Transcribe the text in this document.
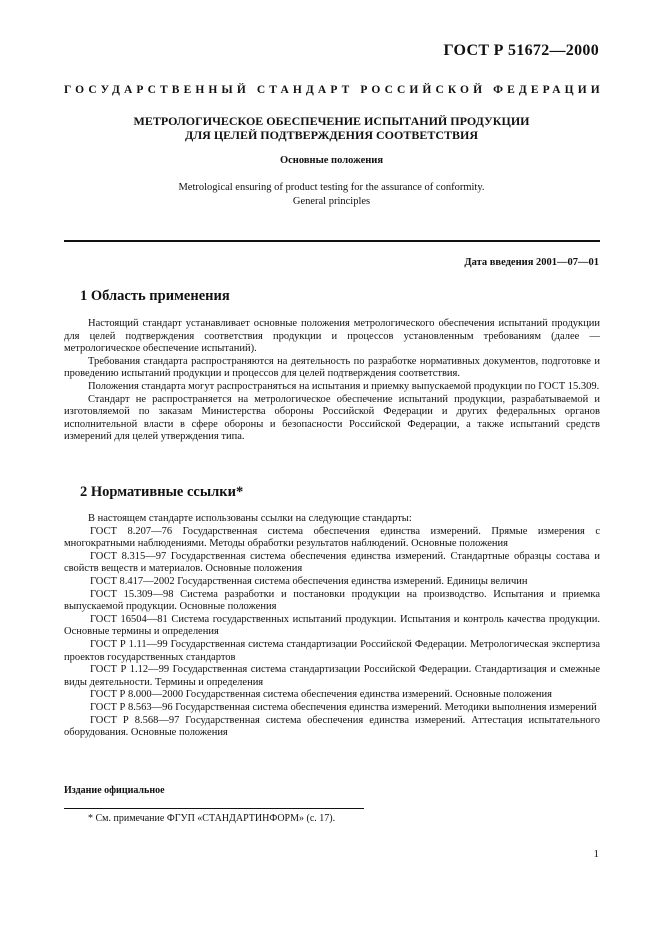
ГОСТ Р 51672—2000
ГОСУДАРСТВЕННЫЙ СТАНДАРТ РОССИЙСКОЙ ФЕДЕРАЦИИ
МЕТРОЛОГИЧЕСКОЕ ОБЕСПЕЧЕНИЕ ИСПЫТАНИЙ ПРОДУКЦИИ
ДЛЯ ЦЕЛЕЙ ПОДТВЕРЖДЕНИЯ СООТВЕТСТВИЯ
Основные положения
Metrological ensuring of product testing for the assurance of conformity.
General principles
Дата введения 2001—07—01
1 Область применения

Настоящий стандарт устанавливает основные положения метрологического обеспечения испытаний продукции для целей подтверждения соответствия продукции и процессов установленным требованиям (далее — метрологическое обеспечение испытаний).

Требования стандарта распространяются на деятельность по разработке нормативных документов, подготовке и проведению испытаний продукции и процессов для целей подтверждения соответствия.

Положения стандарта могут распространяться на испытания и приемку выпускаемой продукции по ГОСТ 15.309.

Стандарт не распространяется на метрологическое обеспечение испытаний продукции, разрабатываемой и изготовляемой по заказам Министерства обороны Российской Федерации и других федеральных органов исполнительной власти в сфере обороны и безопасности Российской Федерации, а также испытаний средств измерений для целей утверждения типа.

2 Нормативные ссылки*

В настоящем стандарте использованы ссылки на следующие стандарты:

ГОСТ 8.207—76 Государственная система обеспечения единства измерений. Прямые измерения с многократными наблюдениями. Методы обработки результатов наблюдений. Основные положения

ГОСТ 8.315—97 Государственная система обеспечения единства измерений. Стандартные образцы состава и свойств веществ и материалов. Основные положения

ГОСТ 8.417—2002 Государственная система обеспечения единства измерений. Единицы величин

ГОСТ 15.309—98 Система разработки и постановки продукции на производство. Испытания и приемка выпускаемой продукции. Основные положения

ГОСТ 16504—81 Система государственных испытаний продукции. Испытания и контроль качества продукции. Основные термины и определения

ГОСТ Р 1.11—99 Государственная система стандартизации Российской Федерации. Метрологическая экспертиза проектов государственных стандартов

ГОСТ Р 1.12—99 Государственная система стандартизации Российской Федерации. Стандартизация и смежные виды деятельности. Термины и определения

ГОСТ Р 8.000—2000 Государственная система обеспечения единства измерений. Основные положения

ГОСТ Р 8.563—96 Государственная система обеспечения единства измерений. Методики выполнения измерений

ГОСТ Р 8.568—97 Государственная система обеспечения единства измерений. Аттестация испытательного оборудования. Основные положения

Издание официальное
* См. примечание ФГУП «СТАНДАРТИНФОРМ» (с. 17).
1
